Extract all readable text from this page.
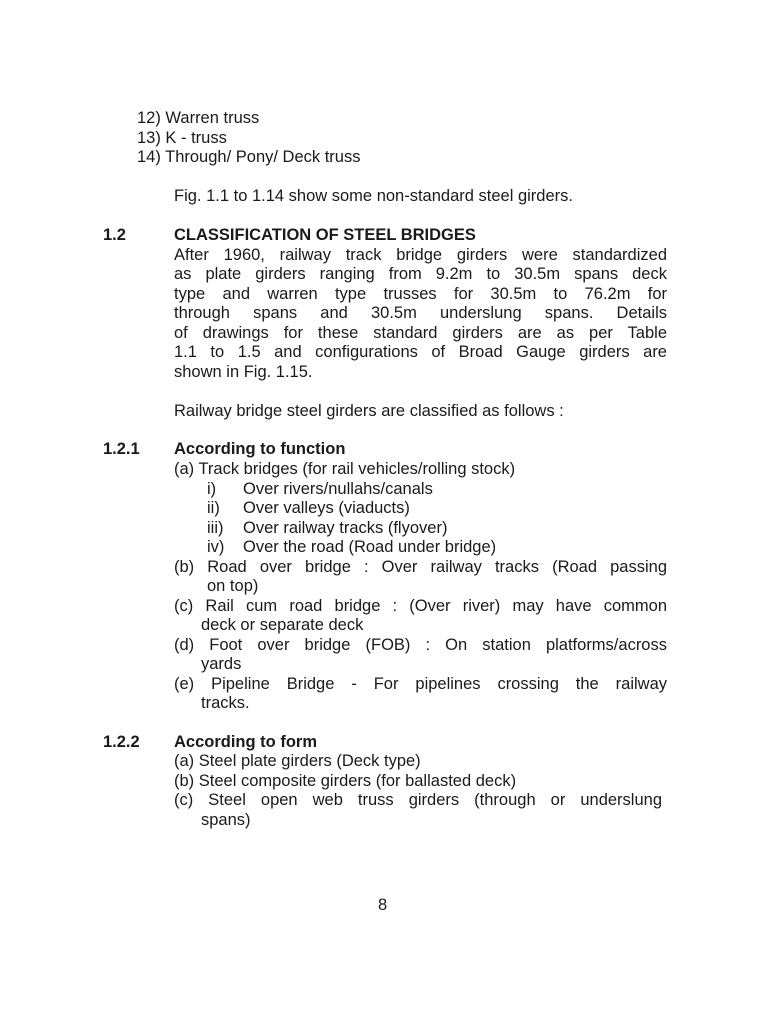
12) Warren truss
13) K - truss
14) Through/ Pony/ Deck truss
Fig. 1.1 to 1.14 show some non-standard steel girders.
1.2	CLASSIFICATION OF STEEL BRIDGES
After 1960, railway track bridge girders were standardized
as plate girders ranging from 9.2m to 30.5m spans deck
type and warren type trusses for 30.5m to 76.2m for
through spans and 30.5m underslung spans. Details
of drawings for these standard girders are as per Table
1.1 to 1.5 and configurations of Broad Gauge girders are
shown in Fig. 1.15.
Railway bridge steel girders are classified as follows :
1.2.1 According to function
(a) Track bridges (for rail vehicles/rolling stock)
i) Over rivers/nullahs/canals
ii) Over valleys (viaducts)
iii) Over railway tracks (flyover)
iv) Over the road (Road under bridge)
(b) Road over bridge : Over railway tracks (Road passing
on top)
(c) Rail cum road bridge : (Over river) may have common
deck or separate deck
(d) Foot over bridge (FOB) : On station platforms/across
yards
(e) Pipeline Bridge - For pipelines crossing the railway
tracks.
1.2.2 According to form
(a) Steel plate girders (Deck type)
(b) Steel composite girders (for ballasted deck)
(c) Steel open web truss girders (through or underslung
spans)
8
